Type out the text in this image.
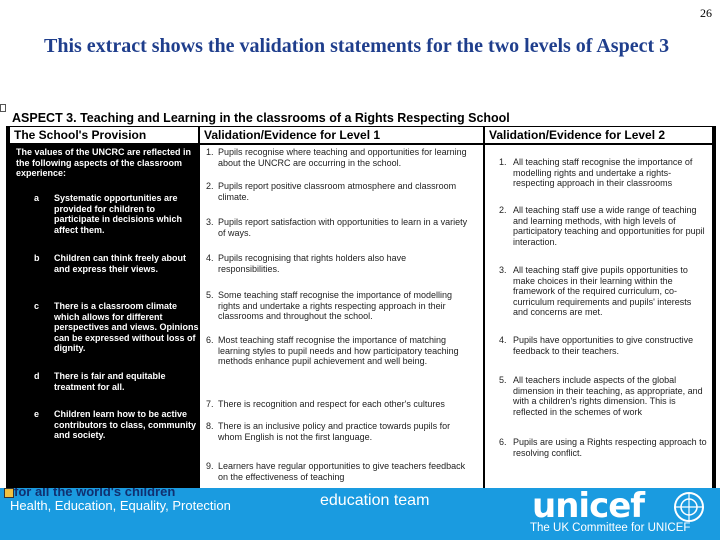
26
This extract shows the validation statements for the two levels of Aspect 3
ASPECT 3. Teaching and Learning in the classrooms of a Rights Respecting School
The School's Provision	Validation/Evidence for Level 1	Validation/Evidence for Level 2
The values of the UNCRC are reflected in the following aspects of the classroom experience:
a Systematic opportunities are provided for children to participate in decisions which affect them.
b Children can think freely about and express their views.
c There is a classroom climate which allows for different perspectives and views. Opinions can be expressed without loss of dignity.
d There is fair and equitable treatment for all.
e Children learn how to be active contributors to class, community and society.
1. Pupils recognise where teaching and opportunities for learning about the UNCRC are occurring in the school.
2. Pupils report positive classroom atmosphere and classroom climate.
3. Pupils report satisfaction with opportunities to learn in a variety of ways.
4. Pupils recognising that rights holders also have responsibilities.
5. Some teaching staff recognise the importance of modelling rights and undertake a rights respecting approach in their classrooms and throughout the school.
6. Most teaching staff recognise the importance of matching learning styles to pupil needs and how participatory teaching methods enhance pupil achievement and well being.
7. There is recognition and respect for each other's cultures
8. There is an inclusive policy and practice towards pupils for whom English is not the first language.
9. Learners have regular opportunities to give teachers feedback on the effectiveness of teaching
1. All teaching staff recognise the importance of modelling rights and undertake a rights-respecting approach in their classrooms
2. All teaching staff use a wide range of teaching and learning methods, with high levels of participatory teaching and opportunities for pupil interaction.
3. All teaching staff give pupils opportunities to make choices in their learning within the framework of the required curriculum, co-curriculum requirements and pupils' interests and concerns are met.
4. Pupils have opportunities to give constructive feedback to their teachers.
5. All teachers include aspects of the global dimension in their teaching, as appropriate, and with a children's rights dimension. This is reflected in the schemes of work
6. Pupils are using a Rights respecting approach to resolving conflict.
for all the world's children
Health, Education, Equality, Protection	education team	unicef
The UK Committee for UNICEF
